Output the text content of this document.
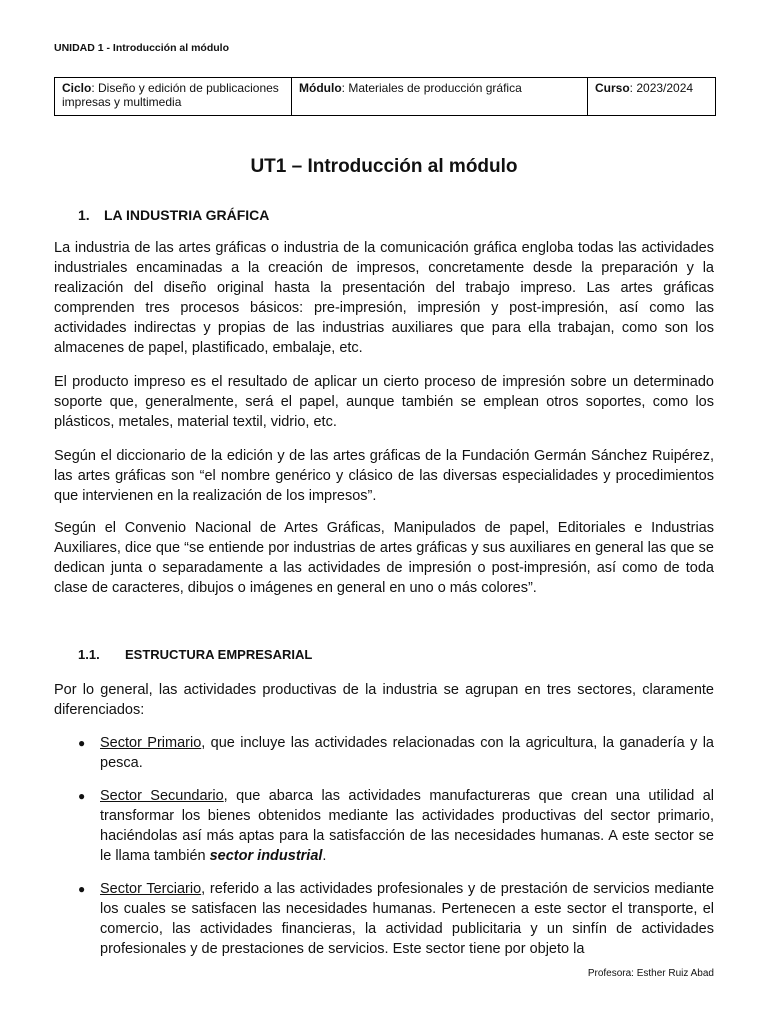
UNIDAD 1 - Introducción al módulo
Ciclo: Diseño y edición de publicaciones impresas y multimedia	Módulo: Materiales de producción gráfica	Curso: 2023/2024
UT1 – Introducción al módulo
1. LA INDUSTRIA GRÁFICA

La industria de las artes gráficas o industria de la comunicación gráfica engloba todas las actividades industriales encaminadas a la creación de impresos, concretamente desde la preparación y la realización del diseño original hasta la presentación del trabajo impreso. Las artes gráficas comprenden tres procesos básicos: pre-impresión, impresión y post-impresión, así como las actividades indirectas y propias de las industrias auxiliares que para ella trabajan, como son los almacenes de papel, plastificado, embalaje, etc.

El producto impreso es el resultado de aplicar un cierto proceso de impresión sobre un determinado soporte que, generalmente, será el papel, aunque también se emplean otros soportes, como los plásticos, metales, material textil, vidrio, etc.

Según el diccionario de la edición y de las artes gráficas de la Fundación Germán Sánchez Ruipérez, las artes gráficas son “el nombre genérico y clásico de las diversas especialidades y procedimientos que intervienen en la realización de los impresos”.

Según el Convenio Nacional de Artes Gráficas, Manipulados de papel, Editoriales e Industrias Auxiliares, dice que “se entiende por industrias de artes gráficas y sus auxiliares en general las que se dedican junta o separadamente a las actividades de impresión o post-impresión, así como de toda clase de caracteres, dibujos o imágenes en general en uno o más colores”.

1.1. ESTRUCTURA EMPRESARIAL

Por lo general, las actividades productivas de la industria se agrupan en tres sectores, claramente diferenciados:

●	Sector Primario, que incluye las actividades relacionadas con la agricultura, la ganadería y la pesca.
●	Sector Secundario, que abarca las actividades manufactureras que crean una utilidad al transformar los bienes obtenidos mediante las actividades productivas del sector primario, haciéndolas así más aptas para la satisfacción de las necesidades humanas. A este sector se le llama también sector industrial.
●	Sector Terciario, referido a las actividades profesionales y de prestación de servicios mediante los cuales se satisfacen las necesidades humanas. Pertenecen a este sector el transporte, el comercio, las actividades financieras, la actividad publicitaria y un sinfín de actividades profesionales y de prestaciones de servicios. Este sector tiene por objeto la
Profesora: Esther Ruiz Abad
